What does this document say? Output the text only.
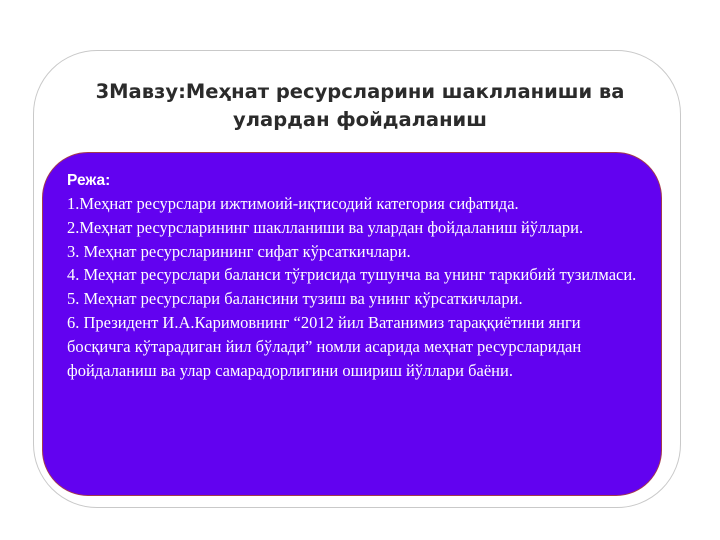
3Мавзу:Меҳнат ресурсларини шаклланиши ва улардан фойдаланиш

Режа:

1.Меҳнат ресурслари ижтимоий-иқтисодий категория сифатида.
2.Меҳнат ресурсларининг шаклланиши ва улардан фойдаланиш йўллари.
3. Меҳнат ресурсларининг сифат кўрсаткичлари.
4. Меҳнат ресурслари баланси тўғрисида тушунча ва унинг таркибий тузилмаси.
5. Меҳнат ресурслари балансини тузиш ва унинг кўрсаткичлари.
6. Президент И.А.Каримовнинг “2012 йил Ватанимиз тараққиётини янги босқичга кўтарадиган йил бўлади” номли асарида меҳнат ресурсларидан фойдаланиш ва улар самарадорлигини ошириш йўллари баёни.
